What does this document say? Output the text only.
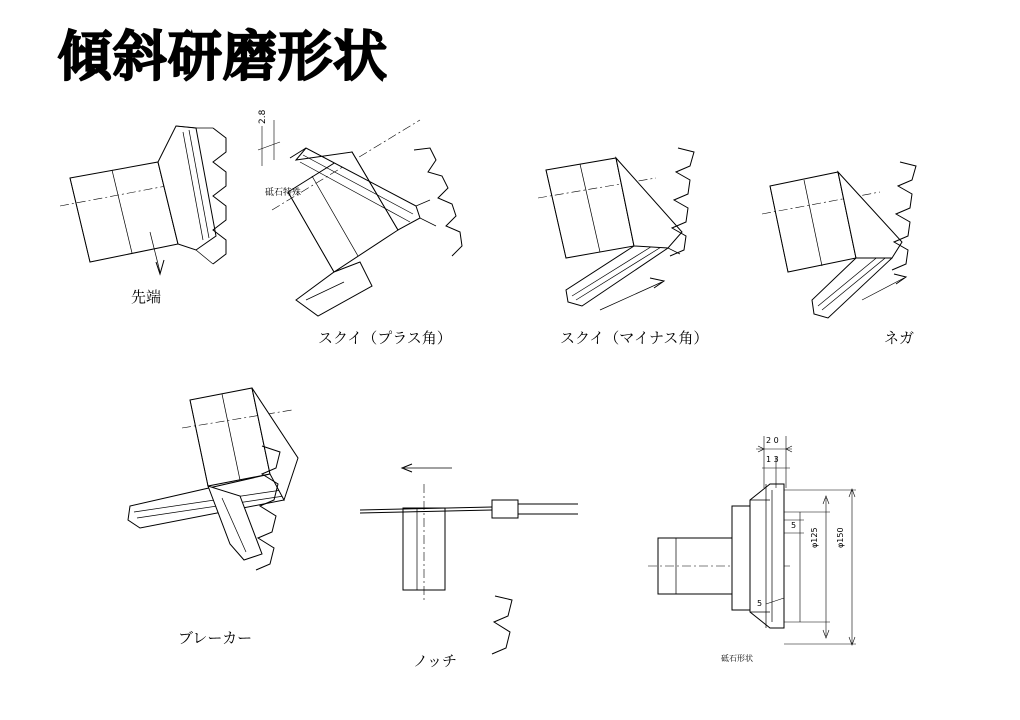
傾斜研磨形状
先端
スクイ（プラス角）
2.8
砥石特殊
スクイ（マイナス角）	ネガ
ブレーカー
ノッチ	砥石形状
2 0
1 3
5
5
φ125 φ150
